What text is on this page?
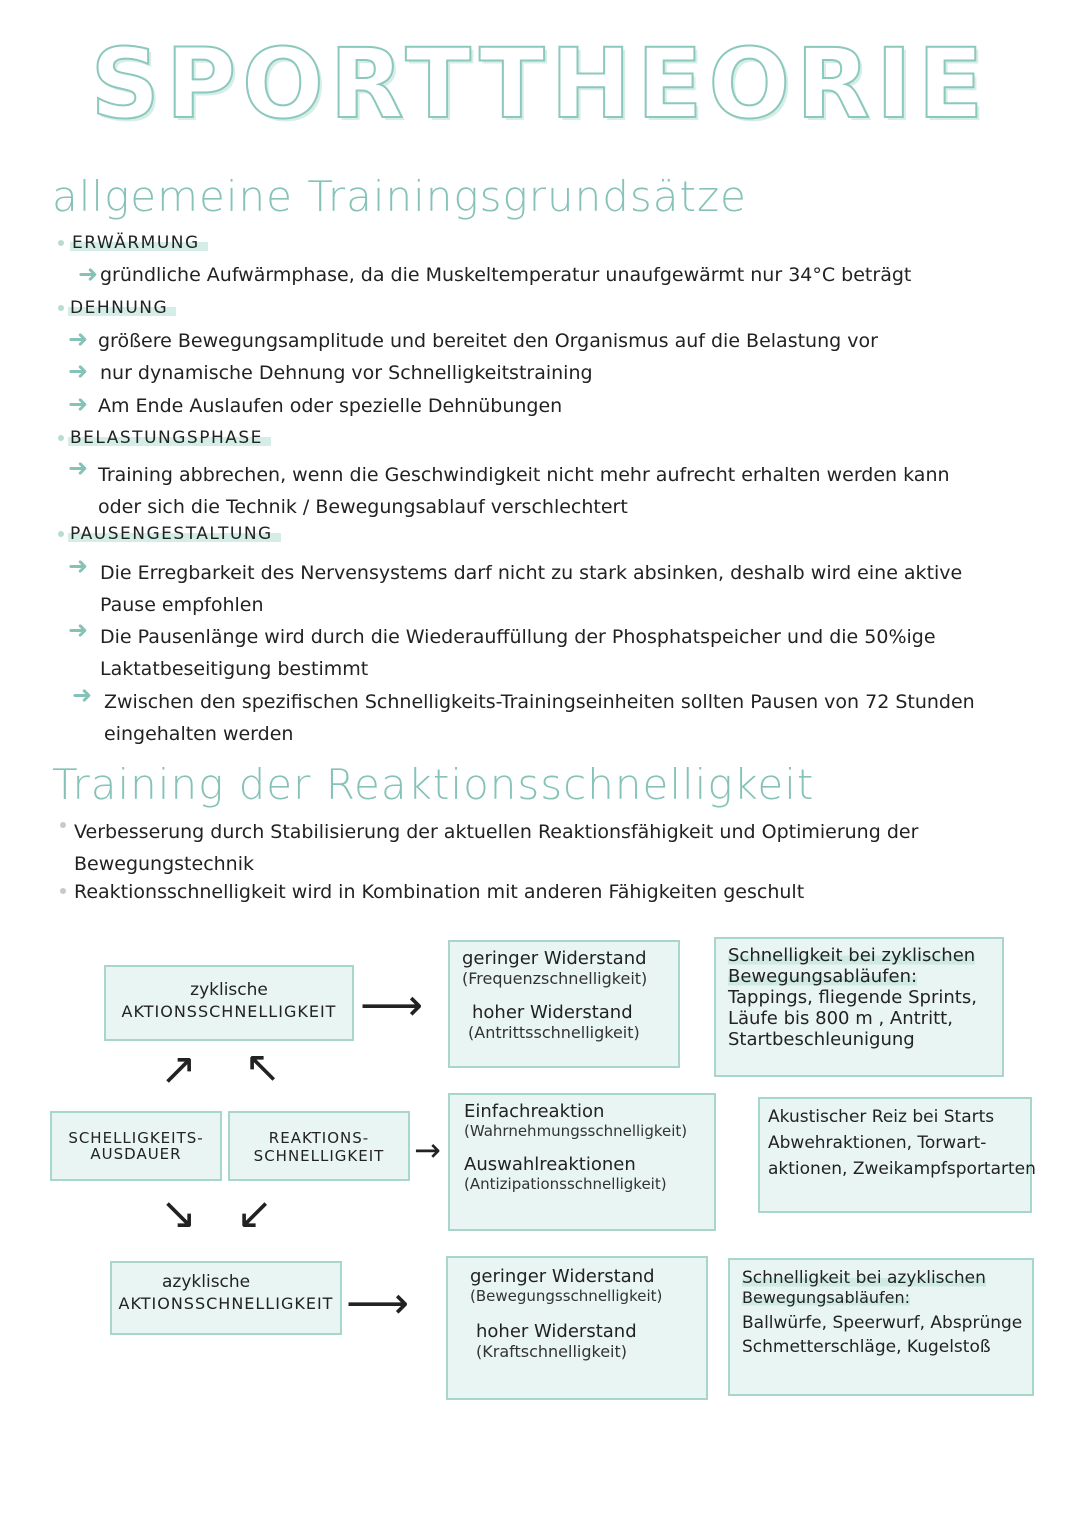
SPORTTHEORIE
allgemeine Trainingsgrundsätze
ERWÄRMUNG
➜ gründliche Aufwärmphase, da die Muskeltemperatur unaufgewärmt nur 34°C beträgt
DEHNUNG
➜ größere Bewegungsamplitude und bereitet den Organismus auf die Belastung vor
➜ nur dynamische Dehnung vor Schnelligkeitstraining
➜ Am Ende Auslaufen oder spezielle Dehnübungen
BELASTUNGSPHASE
➜ Training abbrechen, wenn die Geschwindigkeit nicht mehr aufrecht erhalten werden kann oder sich die Technik / Bewegungsablauf verschlechtert
PAUSENGESTALTUNG
➜ Die Erregbarkeit des Nervensystems darf nicht zu stark absinken, deshalb wird eine aktive Pause empfohlen
➜ Die Pausenlänge wird durch die Wiederauffüllung der Phosphatspeicher und die 50%ige Laktatbeseitigung bestimmt
➜ Zwischen den spezifischen Schnelligkeits-Trainingseinheiten sollten Pausen von 72 Stunden eingehalten werden
Training der Reaktionsschnelligkeit
Verbesserung durch Stabilisierung der aktuellen Reaktionsfähigkeit und Optimierung der Bewegungstechnik
Reaktionsschnelligkeit wird in Kombination mit anderen Fähigkeiten geschult
zyklische
AKTIONSSCHNELLIGKEIT ⟶
geringer Widerstand
(Frequenzschnelligkeit)
hoher Widerstand
(Antrittsschnelligkeit)
Schnelligkeit bei zyklischen
Bewegungsabläufen:
Tappings, fliegende Sprints,
Läufe bis 800 m , Antritt,
Startbeschleunigung
↗ ↖
SCHELLIGKEITS-
AUSDAUER
REAKTIONS-
SCHNELLIGKEIT →
Einfachreaktion
(Wahrnehmungsschnelligkeit)
Auswahlreaktionen
(Antizipationsschnelligkeit)
Akustischer Reiz bei Starts
Abwehraktionen, Torwart-
aktionen, Zweikampfsportarten
↘ ↙
azyklische
AKTIONSSCHNELLIGKEIT ⟶
geringer Widerstand
(Bewegungsschnelligkeit)
hoher Widerstand
(Kraftschnelligkeit)
Schnelligkeit bei azyklischen
Bewegungsabläufen:
Ballwürfe, Speerwurf, Absprünge
Schmetterschläge, Kugelstoß
